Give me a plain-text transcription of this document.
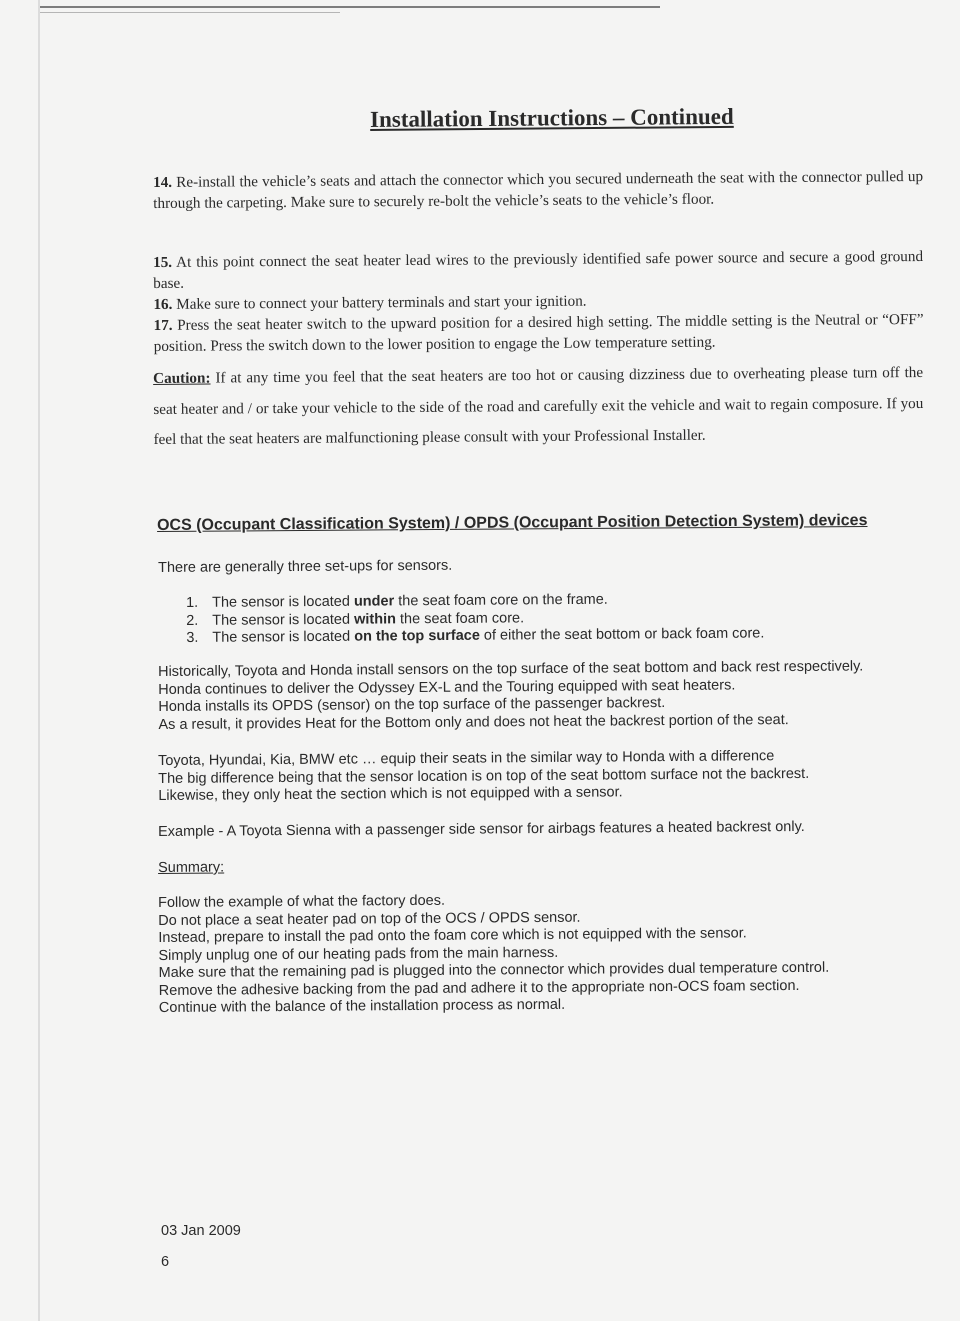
Installation Instructions – Continued

14. Re-install the vehicle’s seats and attach the connector which you secured underneath the seat with the connector pulled up through the carpeting. Make sure to securely re-bolt the vehicle’s seats to the vehicle’s floor.

15. At this point connect the seat heater lead wires to the previously identified safe power source and secure a good ground base.

16. Make sure to connect your battery terminals and start your ignition.

17. Press the seat heater switch to the upward position for a desired high setting. The middle setting is the Neutral or “OFF” position. Press the switch down to the lower position to engage the Low temperature setting.

Caution: If at any time you feel that the seat heaters are too hot or causing dizziness due to overheating please turn off the seat heater and / or take your vehicle to the side of the road and carefully exit the vehicle and wait to regain composure. If you feel that the seat heaters are malfunctioning please consult with your Professional Installer.

OCS (Occupant Classification System) / OPDS (Occupant Position Detection System) devices

There are generally three set-ups for sensors.

1. The sensor is located under the seat foam core on the frame.
2. The sensor is located within the seat foam core.
3. The sensor is located on the top surface of either the seat bottom or back foam core.

Historically, Toyota and Honda install sensors on the top surface of the seat bottom and back rest respectively.

Honda continues to deliver the Odyssey EX-L and the Touring equipped with seat heaters.

Honda installs its OPDS (sensor) on the top surface of the passenger backrest.

As a result, it provides Heat for the Bottom only and does not heat the backrest portion of the seat.

Toyota, Hyundai, Kia, BMW etc … equip their seats in the similar way to Honda with a difference

The big difference being that the sensor location is on top of the seat bottom surface not the backrest.

Likewise, they only heat the section which is not equipped with a sensor.

Example - A Toyota Sienna with a passenger side sensor for airbags features a heated backrest only.

Summary:

Follow the example of what the factory does.

Do not place a seat heater pad on top of the OCS / OPDS sensor.

Instead, prepare to install the pad onto the foam core which is not equipped with the sensor.

Simply unplug one of our heating pads from the main harness.

Make sure that the remaining pad is plugged into the connector which provides dual temperature control.

Remove the adhesive backing from the pad and adhere it to the appropriate non-OCS foam section.

Continue with the balance of the installation process as normal.

03 Jan 2009
6
